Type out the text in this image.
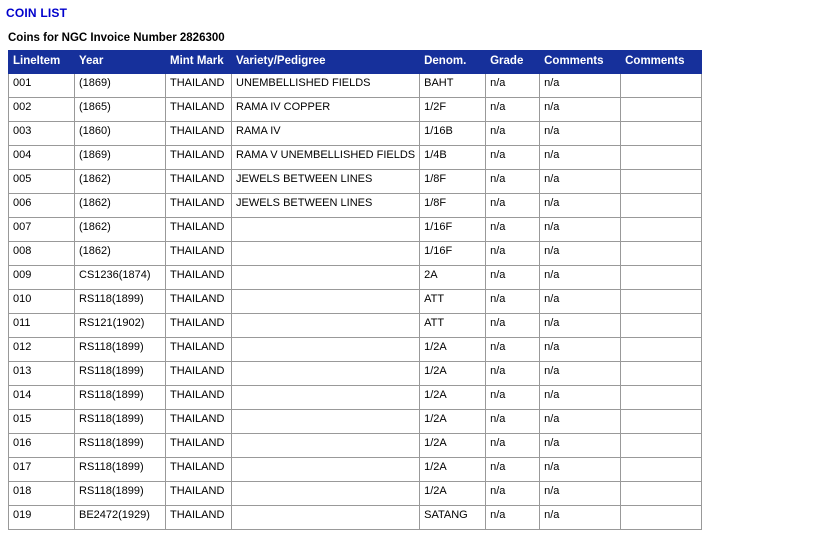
COIN LIST
Coins for NGC Invoice Number 2826300
LineItem	Year	Mint Mark	Variety/Pedigree	Denom.	Grade	Comments	Comments
001	(1869)	THAILAND	UNEMBELLISHED FIELDS	BAHT	n/a	n/a	
002	(1865)	THAILAND	RAMA IV COPPER	1/2F	n/a	n/a	
003	(1860)	THAILAND	RAMA IV	1/16B	n/a	n/a	
004	(1869)	THAILAND	RAMA V UNEMBELLISHED FIELDS	1/4B	n/a	n/a	
005	(1862)	THAILAND	JEWELS BETWEEN LINES	1/8F	n/a	n/a	
006	(1862)	THAILAND	JEWELS BETWEEN LINES	1/8F	n/a	n/a	
007	(1862)	THAILAND		1/16F	n/a	n/a	
008	(1862)	THAILAND		1/16F	n/a	n/a	
009	CS1236(1874)	THAILAND		2A	n/a	n/a	
010	RS118(1899)	THAILAND		ATT	n/a	n/a	
011	RS121(1902)	THAILAND		ATT	n/a	n/a	
012	RS118(1899)	THAILAND		1/2A	n/a	n/a	
013	RS118(1899)	THAILAND		1/2A	n/a	n/a	
014	RS118(1899)	THAILAND		1/2A	n/a	n/a	
015	RS118(1899)	THAILAND		1/2A	n/a	n/a	
016	RS118(1899)	THAILAND		1/2A	n/a	n/a	
017	RS118(1899)	THAILAND		1/2A	n/a	n/a	
018	RS118(1899)	THAILAND		1/2A	n/a	n/a	
019	BE2472(1929)	THAILAND		SATANG	n/a	n/a	
